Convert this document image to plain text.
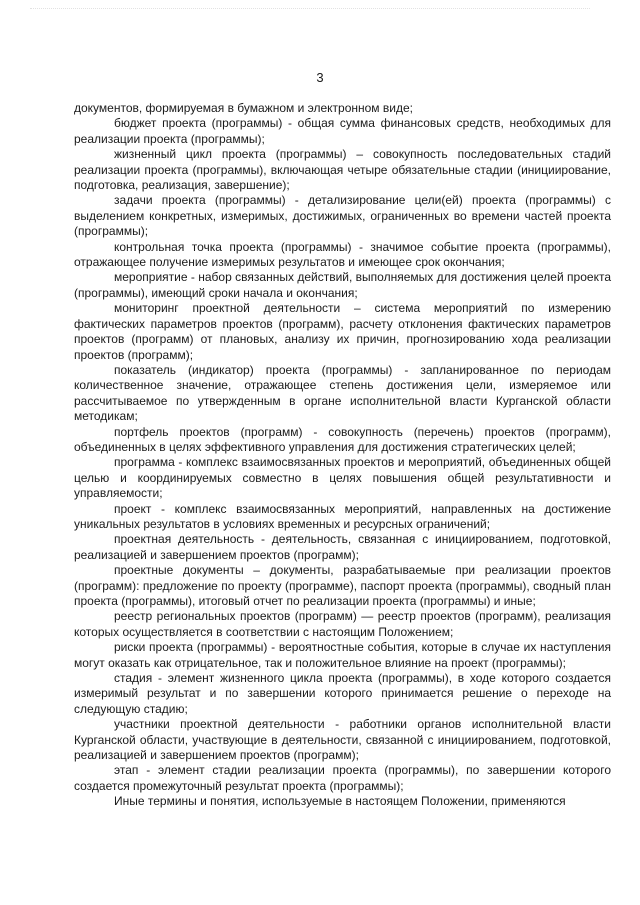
3

документов, формируемая в бумажном и электронном виде;

бюджет проекта (программы) - общая сумма финансовых средств, необходимых для реализации проекта (программы);

жизненный цикл проекта (программы) – совокупность последовательных стадий реализации проекта (программы), включающая четыре обязательные стадии (инициирование, подготовка, реализация, завершение);

задачи проекта (программы) - детализирование цели(ей) проекта (программы) с выделением конкретных, измеримых, достижимых, ограниченных во времени частей проекта (программы);

контрольная точка проекта (программы) - значимое событие проекта (программы), отражающее получение измеримых результатов и имеющее срок окончания;

мероприятие - набор связанных действий, выполняемых для достижения целей проекта (программы), имеющий сроки начала и окончания;

мониторинг проектной деятельности – система мероприятий по измерению фактических параметров проектов (программ), расчету отклонения фактических параметров проектов (программ) от плановых, анализу их причин, прогнозированию хода реализации проектов (программ);

показатель (индикатор) проекта (программы) - запланированное по периодам количественное значение, отражающее степень достижения цели, измеряемое или рассчитываемое по утвержденным в органе исполнительной власти Курганской области методикам;

портфель проектов (программ) - совокупность (перечень) проектов (программ), объединенных в целях эффективного управления для достижения стратегических целей;

программа - комплекс взаимосвязанных проектов и мероприятий, объединенных общей целью и координируемых совместно в целях повышения общей результативности и управляемости;

проект - комплекс взаимосвязанных мероприятий, направленных на достижение уникальных результатов в условиях временных и ресурсных ограничений;

проектная деятельность - деятельность, связанная с инициированием, подготовкой, реализацией и завершением проектов (программ);

проектные документы – документы, разрабатываемые при реализации проектов (программ): предложение по проекту (программе), паспорт проекта (программы), сводный план проекта (программы), итоговый отчет по реализации проекта (программы) и иные;

реестр региональных проектов (программ) — реестр проектов (программ), реализация которых осуществляется в соответствии с настоящим Положением;

риски проекта (программы) - вероятностные события, которые в случае их наступления могут оказать как отрицательное, так и положительное влияние на проект (программы);

стадия - элемент жизненного цикла проекта (программы), в ходе которого создается измеримый результат и по завершении которого принимается решение о переходе на следующую стадию;

участники проектной деятельности - работники органов исполнительной власти Курганской области, участвующие в деятельности, связанной с инициированием, подготовкой, реализацией и завершением проектов (программ);

этап - элемент стадии реализации проекта (программы), по завершении которого создается промежуточный результат проекта (программы);

Иные термины и понятия, используемые в настоящем Положении, применяются
